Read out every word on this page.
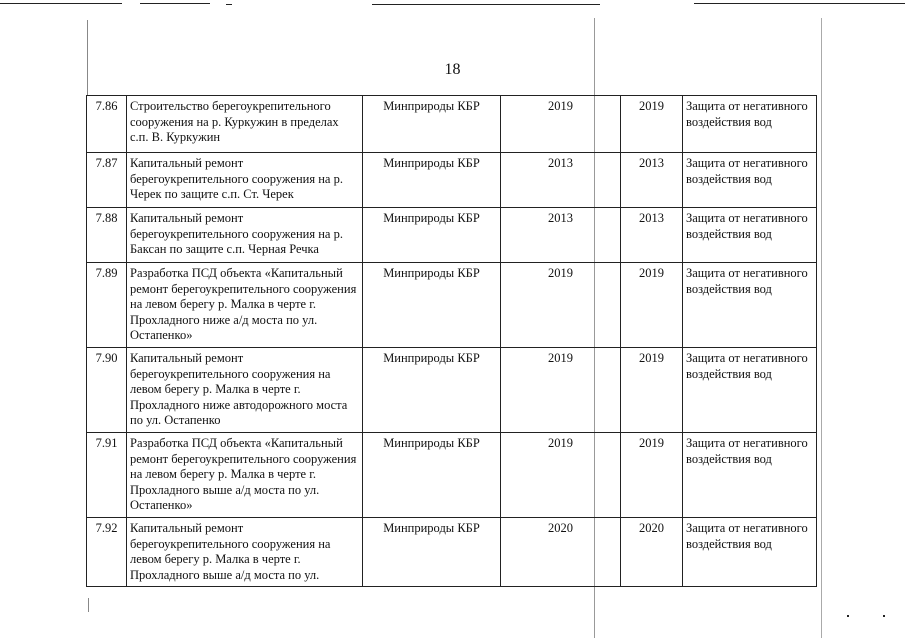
18
7.86	Строительство берегоукрепительного сооружения на р. Куркужин в пределах с.п. В. Куркужин	Минприроды КБР	2019	2019	Защита от негативного воздействия вод
7.87	Капитальный ремонт берегоукрепительного сооружения на р. Черек по защите с.п. Ст. Черек	Минприроды КБР	2013	2013	Защита от негативного воздействия вод
7.88	Капитальный ремонт берегоукрепительного сооружения на р. Баксан по защите с.п. Черная Речка	Минприроды КБР	2013	2013	Защита от негативного воздействия вод
7.89	Разработка ПСД объекта «Капитальный ремонт берегоукрепительного сооружения на левом берегу р. Малка в черте г. Прохладного ниже а/д моста по ул. Остапенко»	Минприроды КБР	2019	2019	Защита от негативного воздействия вод
7.90	Капитальный ремонт берегоукрепительного сооружения на левом берегу р. Малка в черте г. Прохладного ниже автодорожного моста по ул. Остапенко	Минприроды КБР	2019	2019	Защита от негативного воздействия вод
7.91	Разработка ПСД объекта «Капитальный ремонт берегоукрепительного сооружения на левом берегу р. Малка в черте г. Прохладного выше а/д моста по ул. Остапенко»	Минприроды КБР	2019	2019	Защита от негативного воздействия вод
7.92	Капитальный ремонт берегоукрепительного сооружения на левом берегу р. Малка в черте г. Прохладного выше а/д моста по ул.	Минприроды КБР	2020	2020	Защита от негативного воздействия вод
